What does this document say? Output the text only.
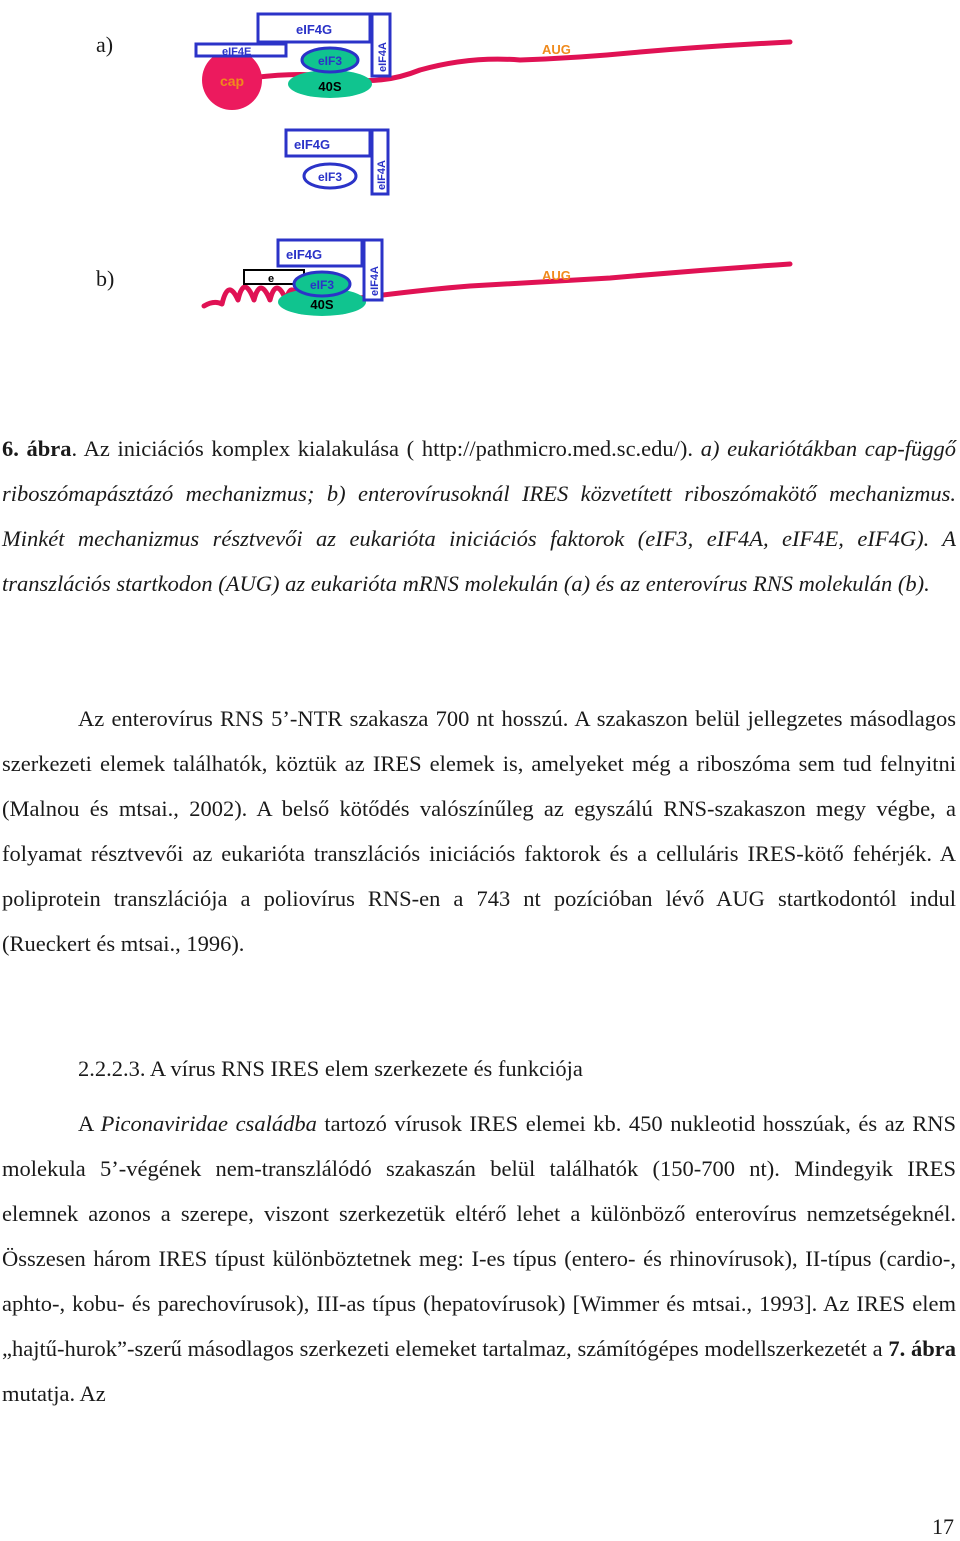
a)
b)
40S
cap
eIF4E
eIF4G
eIF3	eIF4A	AUG
eIF4G
eIF3	eIF4A
40S
eIF4G
e	eIF3	eIF4A	AUG
6. ábra. Az iniciációs komplex kialakulása ( http://pathmicro.med.sc.edu/). a) eukariótákban cap-függő riboszómapásztázó mechanizmus; b) enterovírusoknál IRES közvetített riboszómakötő mechanizmus. Minkét mechanizmus résztvevői az eukarióta iniciációs faktorok (eIF3, eIF4A, eIF4E, eIF4G). A transzlációs startkodon (AUG) az eukarióta mRNS molekulán (a) és az enterovírus RNS molekulán (b).
Az enterovírus RNS 5’-NTR szakasza 700 nt hosszú. A szakaszon belül jellegzetes másodlagos szerkezeti elemek találhatók, köztük az IRES elemek is, amelyeket még a riboszóma sem tud felnyitni (Malnou és mtsai., 2002). A belső kötődés valószínűleg az egyszálú RNS-szakaszon megy végbe, a folyamat résztvevői az eukarióta transzlációs iniciációs faktorok és a celluláris IRES-kötő fehérjék. A poliprotein transzlációja a poliovírus RNS-en a 743 nt pozícióban lévő AUG startkodontól indul (Rueckert és mtsai., 1996).
2.2.2.3. A vírus RNS IRES elem szerkezete és funkciója
A Piconaviridae családba tartozó vírusok IRES elemei kb. 450 nukleotid hosszúak, és az RNS molekula 5’-végének nem-transzlálódó szakaszán belül találhatók (150-700 nt). Mindegyik IRES elemnek azonos a szerepe, viszont szerkezetük eltérő lehet a különböző enterovírus nemzetségeknél. Összesen három IRES típust különböztetnek meg: I-es típus (entero- és rhinovírusok), II-típus (cardio-, aphto-, kobu- és parechovírusok), III-as típus (hepatovírusok) [Wimmer és mtsai., 1993]. Az IRES elem „hajtű-hurok”-szerű másodlagos szerkezeti elemeket tartalmaz, számítógépes modellszerkezetét a 7. ábra mutatja. Az
17
